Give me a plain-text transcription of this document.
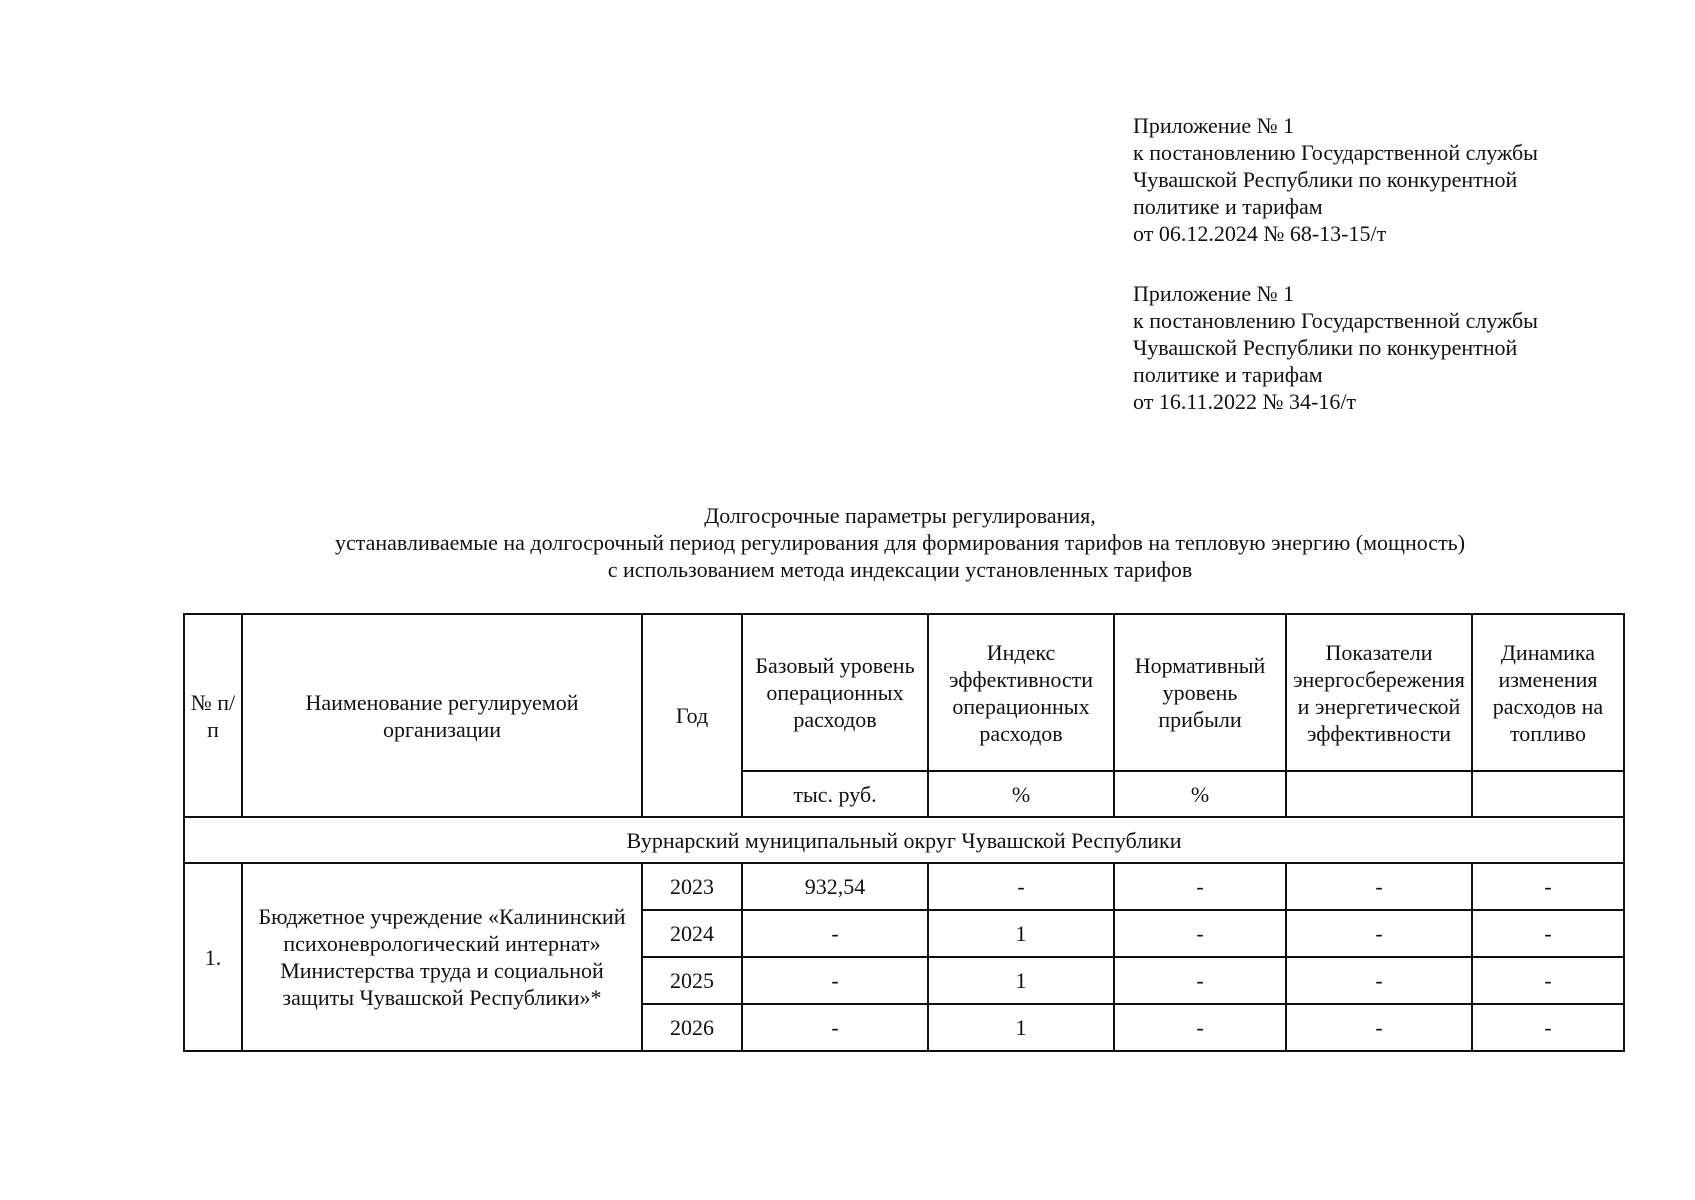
Приложение № 1
к постановлению Государственной службы
Чувашской Республики по конкурентной
политике и тарифам
от 06.12.2024 № 68-13-15/т
Приложение № 1
к постановлению Государственной службы
Чувашской Республики по конкурентной
политике и тарифам
от 16.11.2022 № 34-16/т
Долгосрочные параметры регулирования,
устанавливаемые на долгосрочный период регулирования для формирования тарифов на тепловую энергию (мощность)
с использованием метода индексации установленных тарифов
№ п/п	Наименование регулируемой организации	Год	Базовый уровень операционных расходов	Индекс эффективности операционных расходов	Нормативный уровень прибыли	Показатели энергосбережения и энергетической эффективности	Динамика изменения расходов на топливо
			тыс. руб.	%	%		
Вурнарский муниципальный округ Чувашской Республики							
1.	Бюджетное учреждение «Калининский психоневрологический интернат» Министерства труда и социальной защиты Чувашской Республики»*	2023	932,54	-	-	-	-
		2024	-	1	-	-	-
		2025	-	1	-	-	-
		2026	-	1	-	-	-
